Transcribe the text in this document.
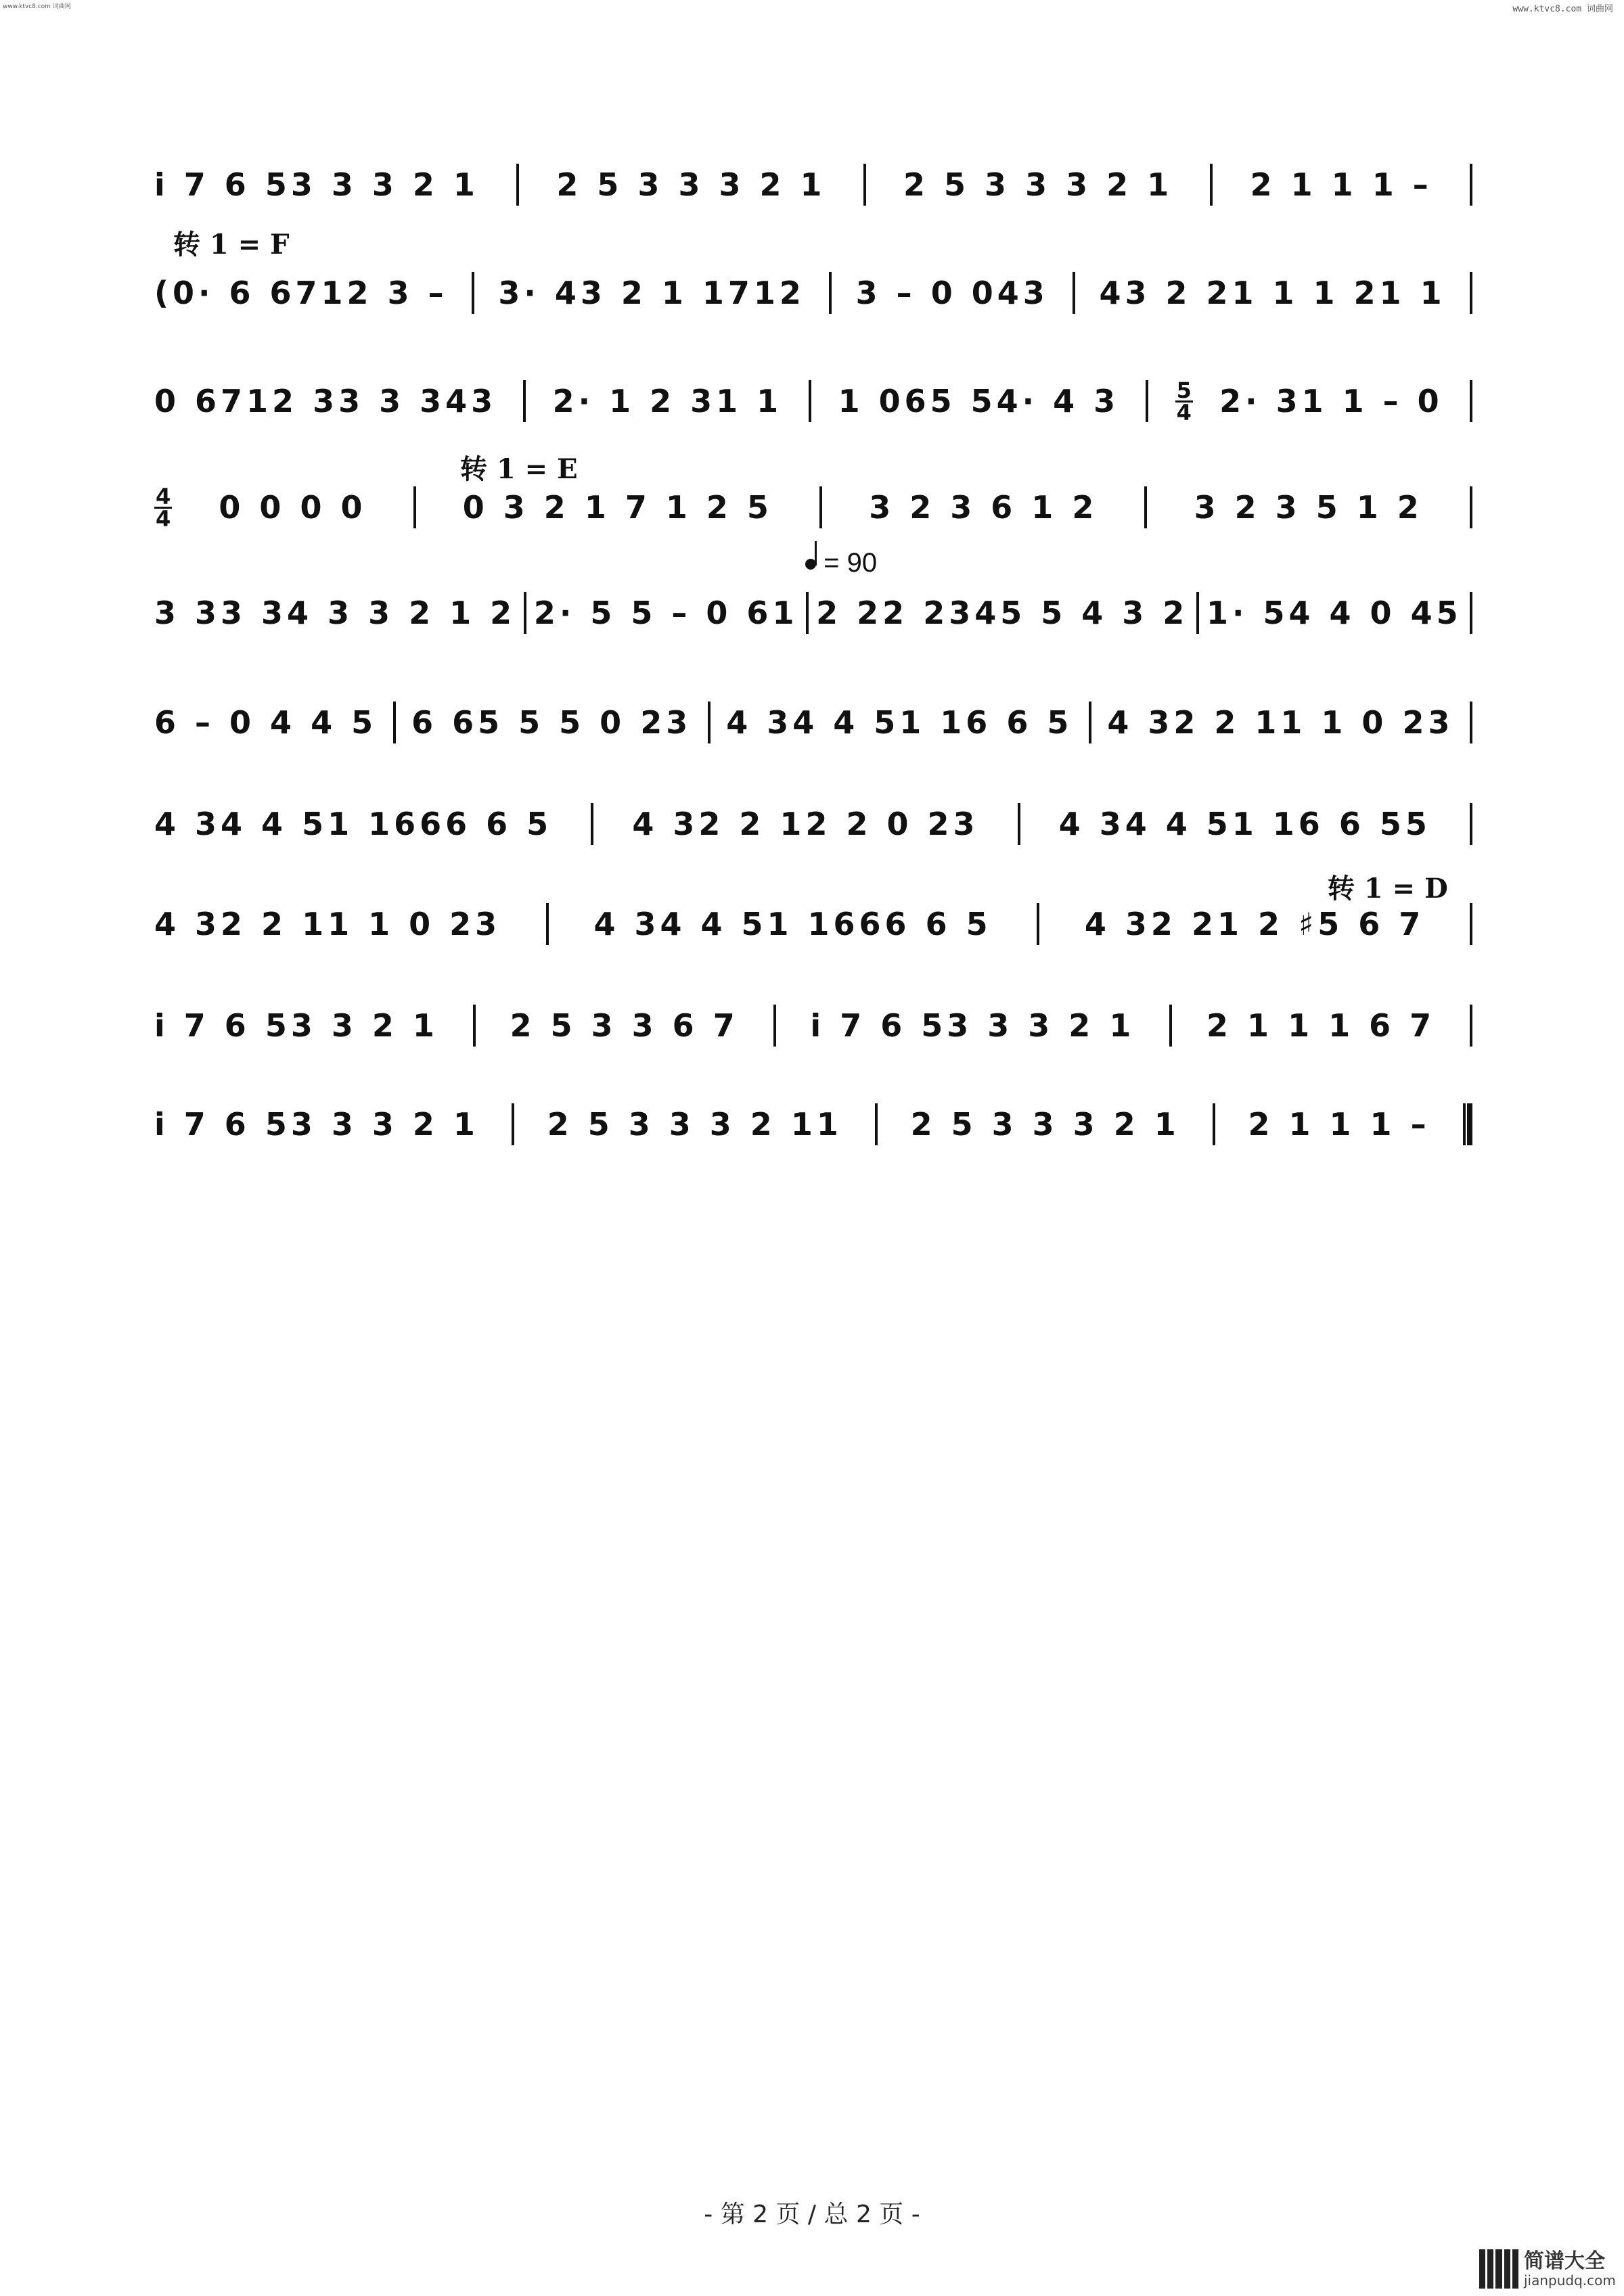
www.ktvc8.com 词曲网	www.ktvc8.com 词曲网
转 1 = F
转 1 = E
转 1 = D
= 90
i̇ 7 6 53 3 3 2 1 2 5 3 3 3 2 1 2 5 3 3 3 2 1 2 1 1 1 –
(0· 6 6712 3 – 3· 43 2 1 1712 3 – 0 043 43 2 21 1 1 21 1
0 6712 33 3 343 2· 1 2 31 1 1 065 54· 4 3	5
4 2· 31 1 – 0
4
4 0 0 0 0	0 3 2 1 7 1 2 5	3 2 3 6 1 2	3 2 3 5 1 2
3 33 34 3 3 2 1 2 2· 5 5 – 0 61 2 22 2345 5 4 3 2 1· 54 4 0 45
6 – 0 4 4 5 6 65 5 5 0 23 4 34 4 51 16 6 5 4 32 2 11 1 0 23
4 34 4 51 1666 6 5	4 32 2 12 2 0 23	4 34 4 51 16 6 55
4 32 2 11 1 0 23	4 34 4 51 1666 6 5	4 32 21 2 ♯5 6 7
i̇ 7 6 53 3 2 1 2 5 3 3 6 7 i̇ 7 6 53 3 3 2 1 2 1 1 1 6 7
i̇ 7 6 53 3 3 2 1 2 5 3 3 3 2 11 2 5 3 3 3 2 1 2 1 1 1 –
- 第 2 页 / 总 2 页 -
简谱大全
jianpudq.com
